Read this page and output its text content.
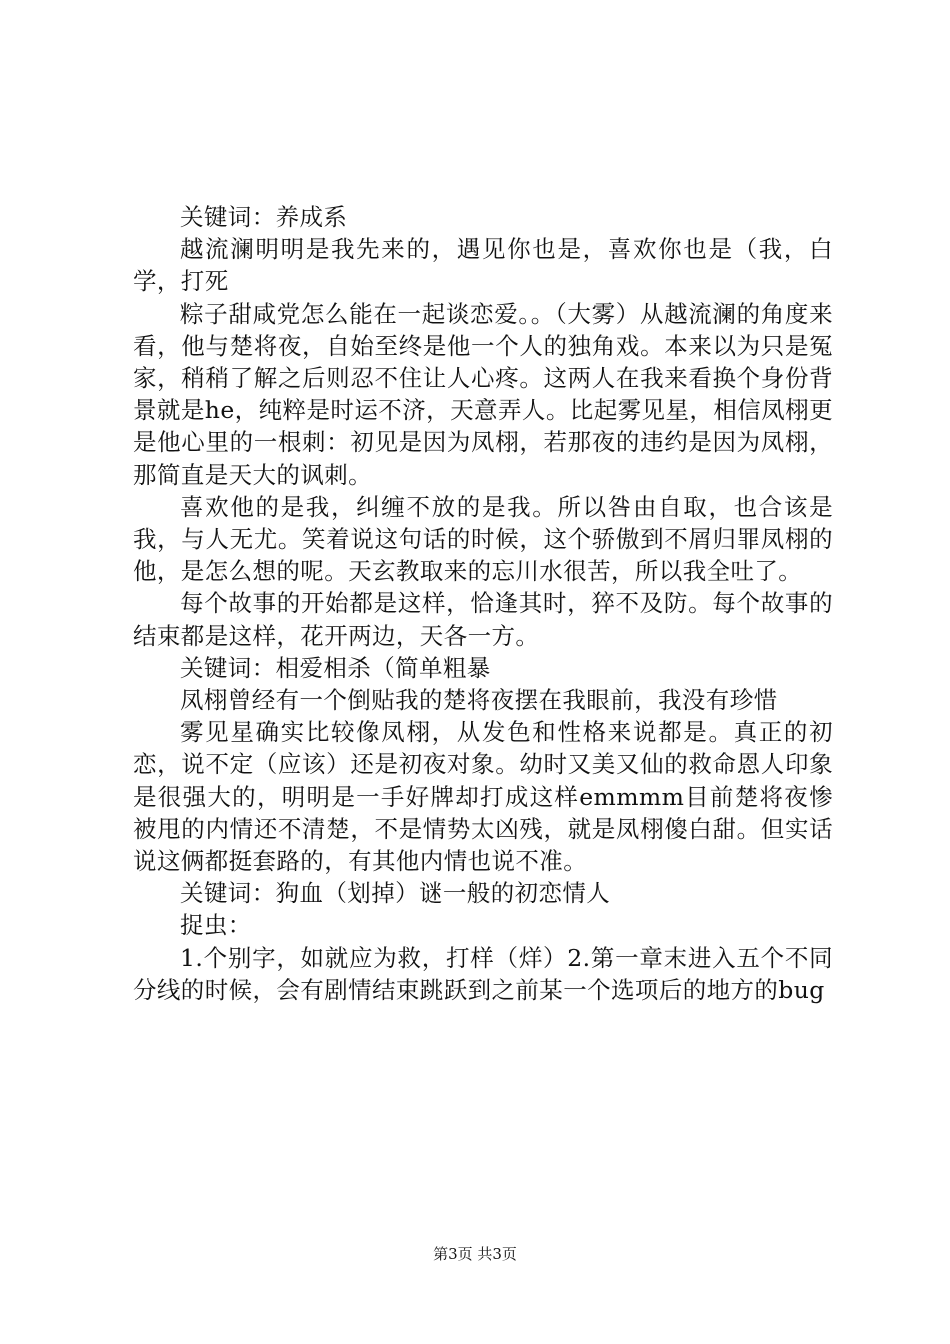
关键词：养成系

越流澜明明是我先来的，遇见你也是，喜欢你也是（我，白学，打死

粽子甜咸党怎么能在一起谈恋爱。。（大雾）从越流澜的角度来看，他与楚将夜，自始至终是他一个人的独角戏。本来以为只是冤家，稍稍了解之后则忍不住让人心疼。这两人在我来看换个身份背景就是he，纯粹是时运不济，天意弄人。比起雾见星，相信凤栩更是他心里的一根刺：初见是因为凤栩，若那夜的违约是因为凤栩，那简直是天大的讽刺。

喜欢他的是我，纠缠不放的是我。所以咎由自取，也合该是我，与人无尤。笑着说这句话的时候，这个骄傲到不屑归罪凤栩的他，是怎么想的呢。天玄教取来的忘川水很苦，所以我全吐了。

每个故事的开始都是这样，恰逢其时，猝不及防。每个故事的结束都是这样，花开两边，天各一方。

关键词：相爱相杀（简单粗暴

凤栩曾经有一个倒贴我的楚将夜摆在我眼前，我没有珍惜

雾见星确实比较像凤栩，从发色和性格来说都是。真正的初恋，说不定（应该）还是初夜对象。幼时又美又仙的救命恩人印象是很强大的，明明是一手好牌却打成这样emmmm目前楚将夜惨被甩的内情还不清楚，不是情势太凶残，就是凤栩傻白甜。但实话说这俩都挺套路的，有其他内情也说不准。

关键词：狗血（划掉）谜一般的初恋情人

捉虫：

1.个别字，如就应为救，打样（烊）2.第一章末进入五个不同分线的时候，会有剧情结束跳跃到之前某一个选项后的地方的bug

第3页 共3页
